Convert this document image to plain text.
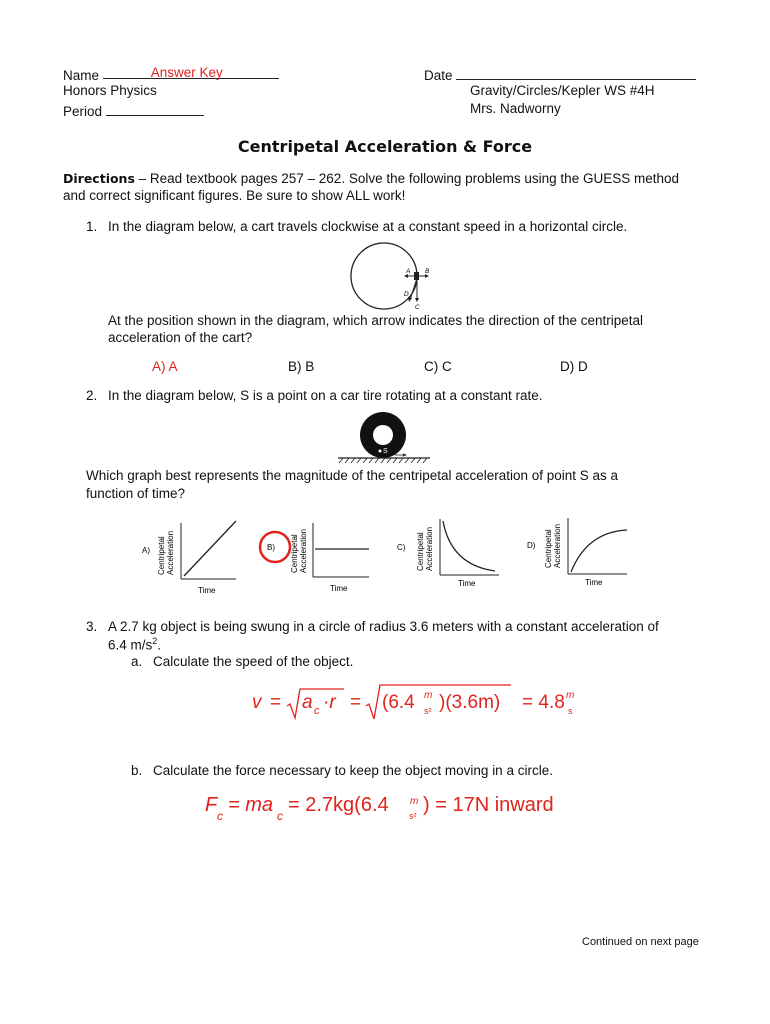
Name	Answer Key
Honors Physics
Period
Date
Gravity/Circles/Kepler WS #4H
Mrs. Nadworny
Centripetal Acceleration & Force
Directions – Read textbook pages 257 – 262. Solve the following problems using the GUESS method
and correct significant figures. Be sure to show ALL work!
1. In the diagram below, a cart travels clockwise at a constant speed in a horizontal circle.
A B
D
C
At the position shown in the diagram, which arrow indicates the direction of the centripetal
acceleration of the cart?
A) A	B) B	C) C	D) D
2. In the diagram below, S is a point on a car tire rotating at a constant rate.
S
Which graph best represents the magnitude of the centripetal acceleration of point S as a
function of time?
A) Centripetal Acceleration
Time
B) Centripetal Acceleration
Time
C) Centripetal Acceleration
Time
D) Centripetal Acceleration
Time
3. A 2.7 kg object is being swung in a circle of radius 3.6 meters with a constant acceleration of
6.4 $m/s^2$.
a. Calculate the speed of the object.
v = a c ·r = (6.4 m
s² )(3.6m) = 4.8 m
s
b. Calculate the force necessary to keep the object moving in a circle.
F c = ma c = 2.7kg(6.4 m
s² ) = 17N inward
Continued on next page
